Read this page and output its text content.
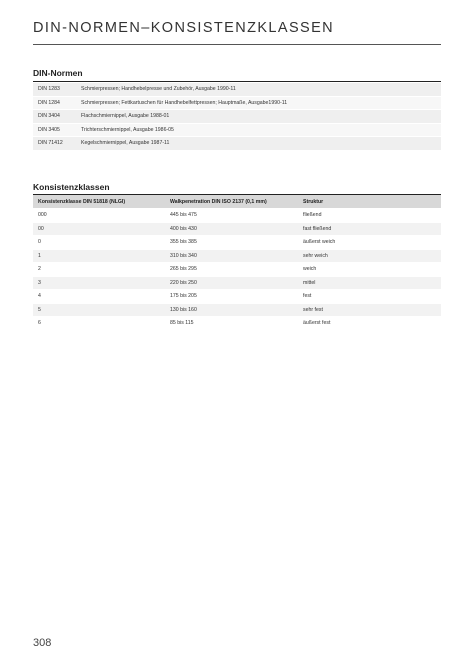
DIN-NORMEN–KONSISTENZKLASSEN
DIN-Normen
DIN 1283	Schmierpressen; Handhebelpresse und Zubehör, Ausgabe 1990-11
DIN 1284	Schmierpressen; Fettkartuschen für Handhebelfettpressen; Hauptmaße, Ausgabe1990-11
DIN 3404	Flachschmiernippel, Ausgabe 1988-01
DIN 3405	Trichterschmiernippel, Ausgabe 1986-05
DIN 71412	Kegelschmiernippel, Ausgabe 1987-11
Konsistenzklassen
Konsistenzklasse DIN 51818 (NLGI)	Walkpenetration DIN ISO 2137 (0,1 mm)	Struktur
000	445 bis 475	fließend
00	400 bis 430	fast fließend
0	355 bis 385	äußerst weich
1	310 bis 340	sehr weich
2	265 bis 295	weich
3	220 bis 250	mittel
4	175 bis 205	fest
5	130 bis 160	sehr fest
6	85 bis 115	äußerst fest
308
